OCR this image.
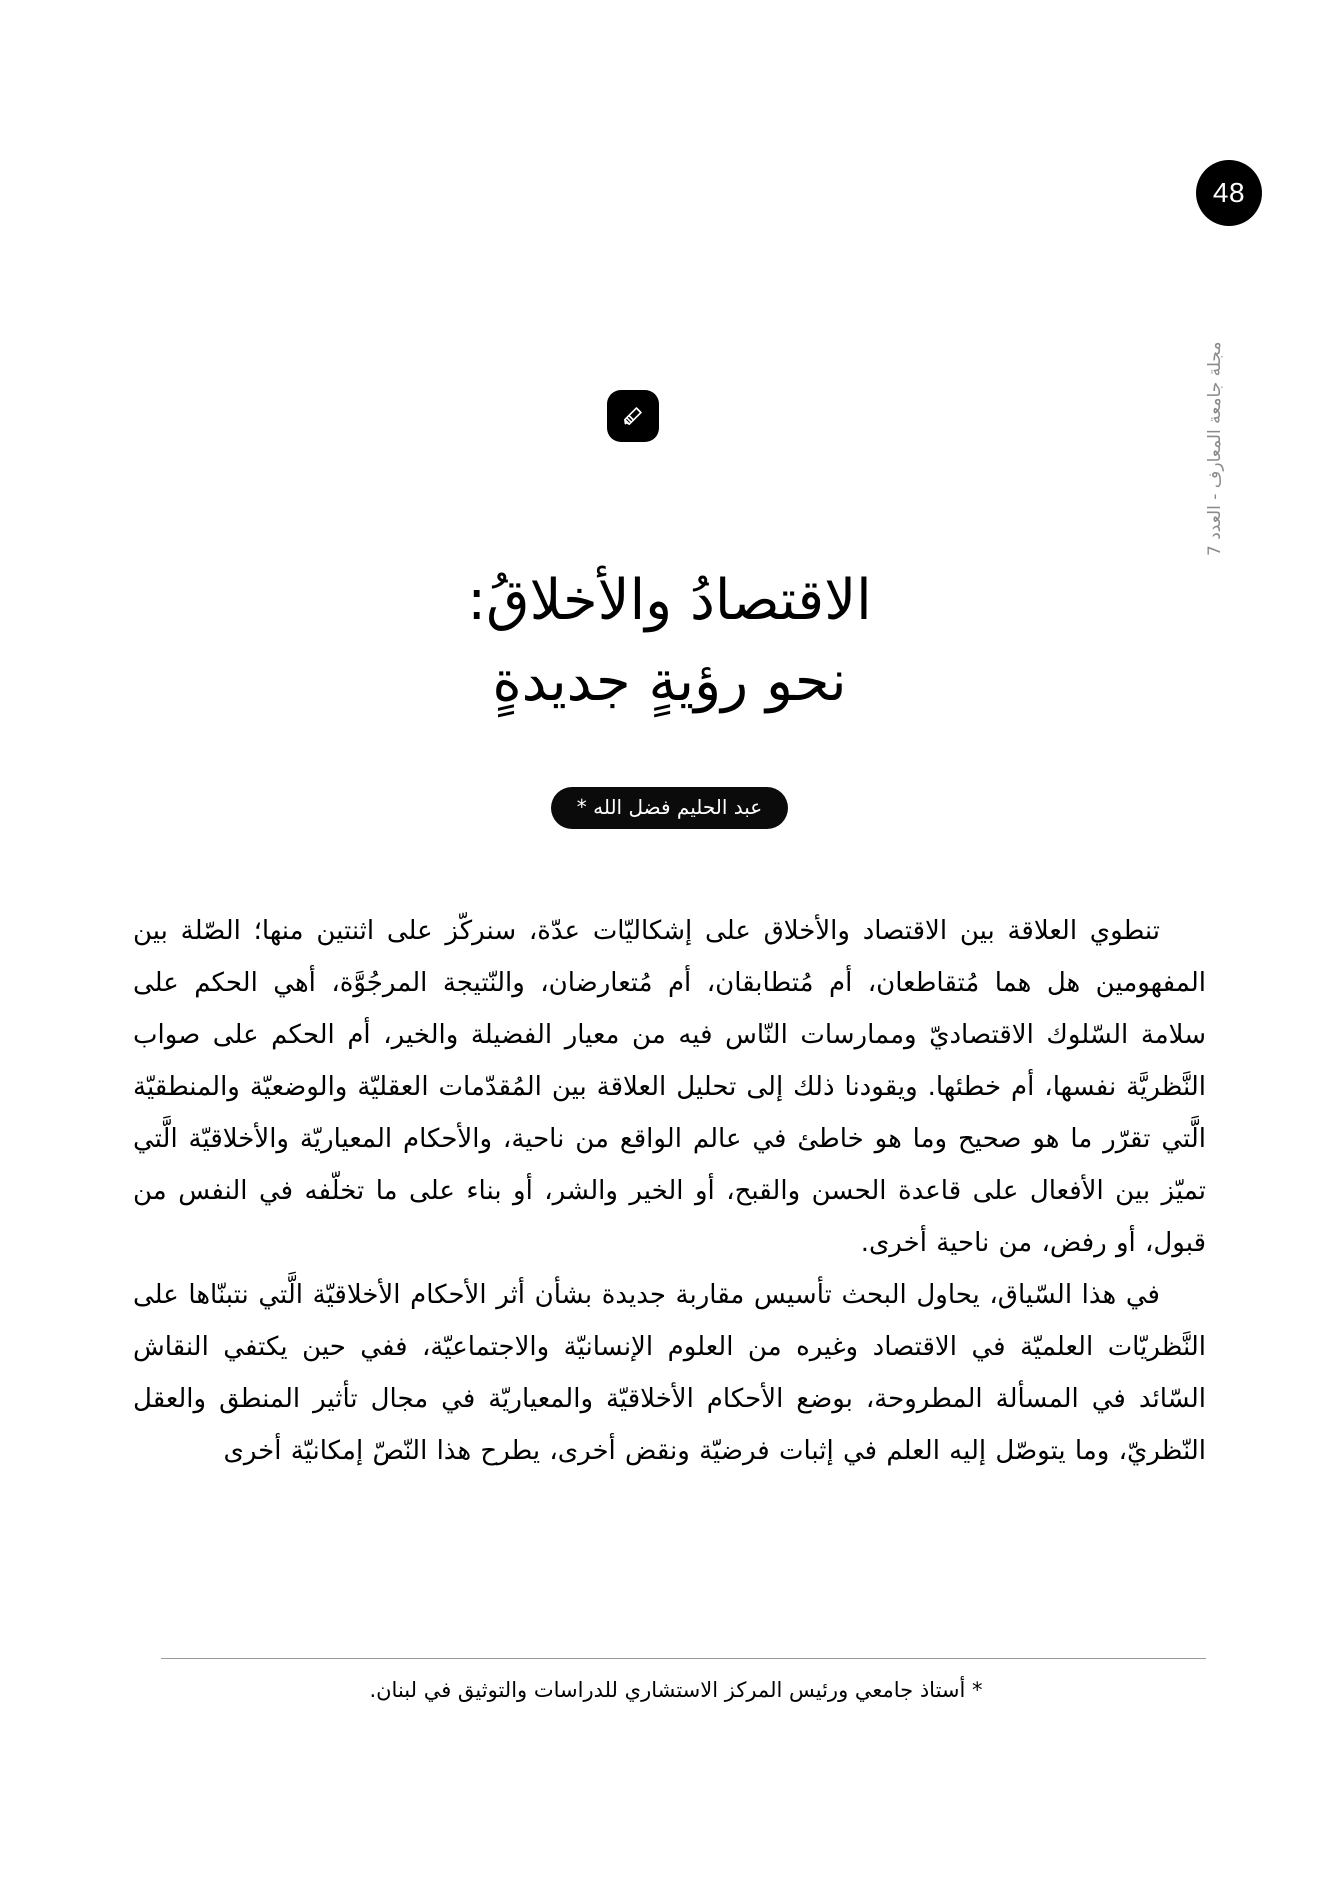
48
مجلة جامعة المعارف - العدد 7
الاقتصادُ والأخلاقُ:
نحو رؤيةٍ جديدةٍ
عبد الحليم فضل الله *

تنطوي العلاقة بين الاقتصاد والأخلاق على إشكاليّات عدّة، سنركّز على اثنتين منها؛ الصّلة بين المفهومين هل هما مُتقاطعان، أم مُتطابقان، أم مُتعارضان، والنّتيجة المرجُوَّة، أهي الحكم على سلامة السّلوك الاقتصاديّ وممارسات النّاس فيه من معيار الفضيلة والخير، أم الحكم على صواب النَّظريَّة نفسها، أم خطئها. ويقودنا ذلك إلى تحليل العلاقة بين المُقدّمات العقليّة والوضعيّة والمنطقيّة الَّتي تقرّر ما هو صحيح وما هو خاطئ في عالم الواقع من ناحية، والأحكام المعياريّة والأخلاقيّة الَّتي تميّز بين الأفعال على قاعدة الحسن والقبح، أو الخير والشر، أو بناء على ما تخلّفه في النفس من قبول، أو رفض، من ناحية أخرى.

في هذا السّياق، يحاول البحث تأسيس مقاربة جديدة بشأن أثر الأحكام الأخلاقيّة الَّتي نتبنّاها على النَّظريّات العلميّة في الاقتصاد وغيره من العلوم الإنسانيّة والاجتماعيّة، ففي حين يكتفي النقاش السّائد في المسألة المطروحة، بوضع الأحكام الأخلاقيّة والمعياريّة في مجال تأثير المنطق والعقل النّظريّ، وما يتوصّل إليه العلم في إثبات فرضيّة ونقض أخرى، يطرح هذا النّصّ إمكانيّة أخرى

* أستاذ جامعي ورئيس المركز الاستشاري للدراسات والتوثيق في لبنان.
